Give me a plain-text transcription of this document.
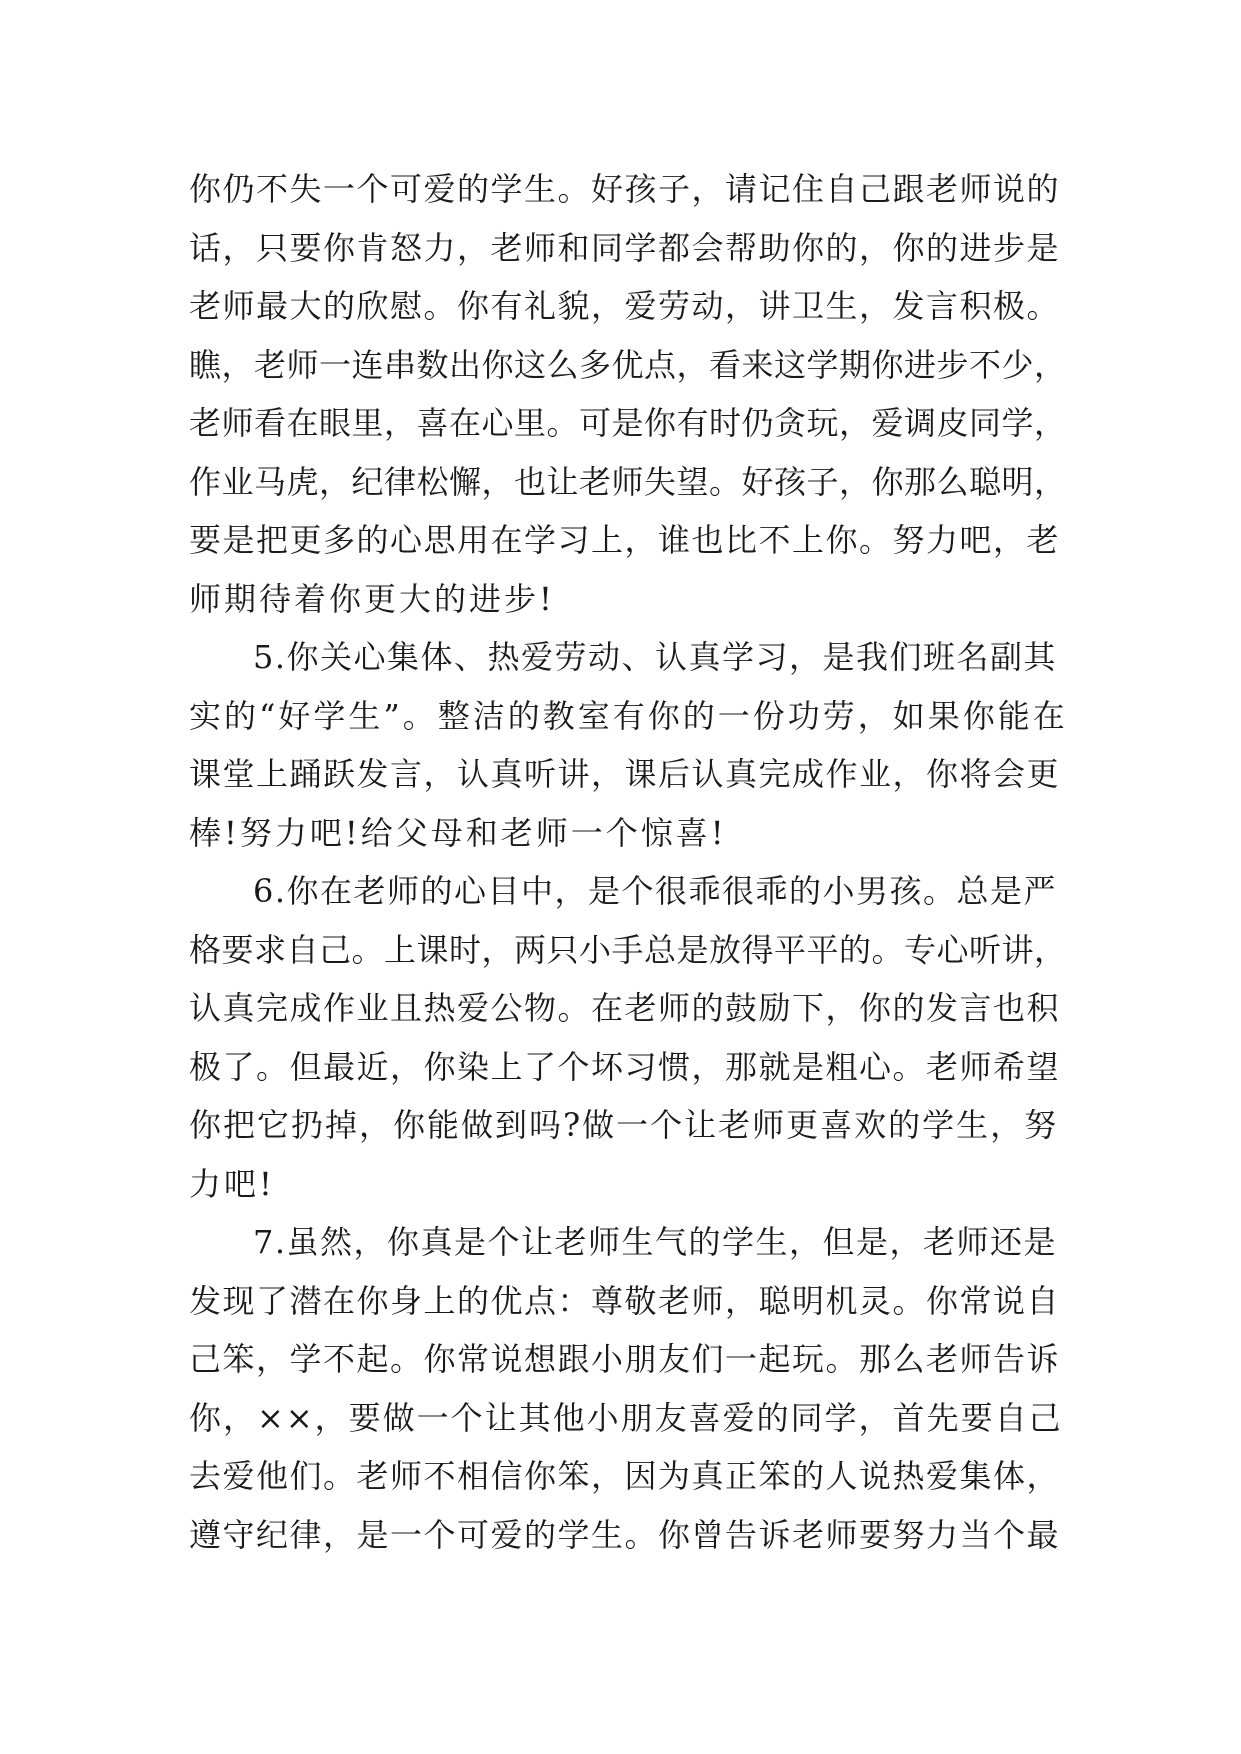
你仍不失一个可爱的学生。好孩子，请记住自己跟老师说的
话，只要你肯怒力，老师和同学都会帮助你的，你的进步是
老师最大的欣慰。你有礼貌，爱劳动，讲卫生，发言积极。
瞧，老师一连串数出你这么多优点，看来这学期你进步不少，
老师看在眼里，喜在心里。可是你有时仍贪玩，爱调皮同学，
作业马虎，纪律松懈，也让老师失望。好孩子，你那么聪明，
要是把更多的心思用在学习上，谁也比不上你。努力吧，老
师期待着你更大的进步!
5.你关心集体、热爱劳动、认真学习，是我们班名副其
实的“好学生”。整洁的教室有你的一份功劳，如果你能在
课堂上踊跃发言，认真听讲，课后认真完成作业，你将会更
棒!努力吧!给父母和老师一个惊喜!
6.你在老师的心目中，是个很乖很乖的小男孩。总是严
格要求自己。上课时，两只小手总是放得平平的。专心听讲，
认真完成作业且热爱公物。在老师的鼓励下，你的发言也积
极了。但最近，你染上了个坏习惯，那就是粗心。老师希望
你把它扔掉，你能做到吗?做一个让老师更喜欢的学生，努
力吧!
7.虽然，你真是个让老师生气的学生，但是，老师还是
发现了潜在你身上的优点：尊敬老师，聪明机灵。你常说自
己笨，学不起。你常说想跟小朋友们一起玩。那么老师告诉
你，××，要做一个让其他小朋友喜爱的同学，首先要自己
去爱他们。老师不相信你笨，因为真正笨的人说热爱集体，
遵守纪律，是一个可爱的学生。你曾告诉老师要努力当个最
